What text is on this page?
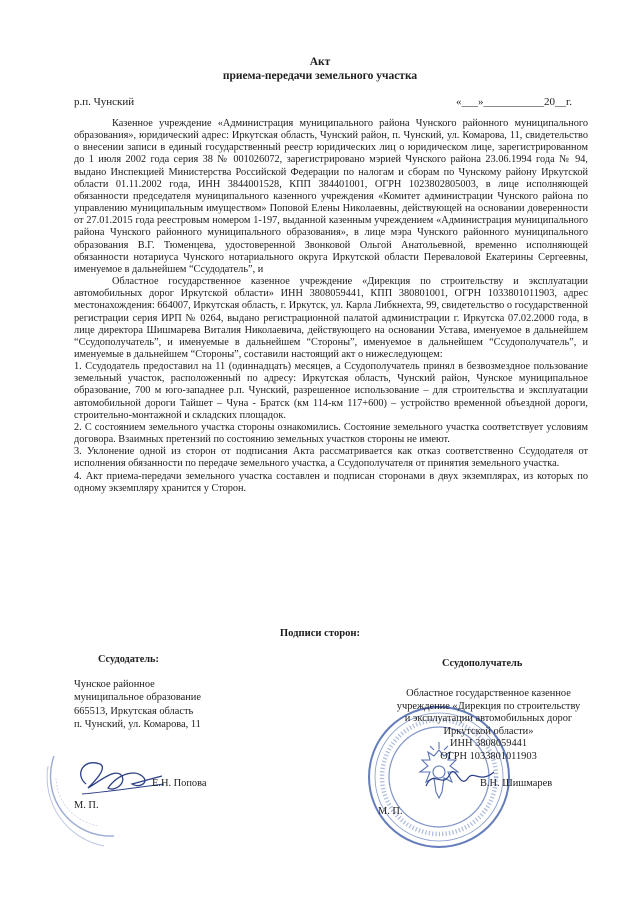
Акт
приема-передачи земельного участка
р.п. Чунский	«___»___________20__г.

Казенное учреждение «Администрация муниципального района Чунского районного муниципального образования», юридический адрес: Иркутская область, Чунский район, п. Чунский, ул. Комарова, 11, свидетельство о внесении записи в единый государственный реестр юридических лиц о юридическом лице, зарегистрированном до 1 июля 2002 года серия 38 № 001026072, зарегистрировано мэрией Чунского района 23.06.1994 года № 94, выдано Инспекцией Министерства Российской Федерации по налогам и сборам по Чунскому району Иркутской области 01.11.2002 года, ИНН 3844001528, КПП 384401001, ОГРН 1023802805003, в лице исполняющей обязанности председателя муниципального казенного учреждения «Комитет администрации Чунского района по управлению муниципальным имуществом» Поповой Елены Николаевны, действующей на основании доверенности от 27.01.2015 года реестровым номером 1-197, выданной казенным учреждением «Администрация муниципального района Чунского районного муниципального образования», в лице мэра Чунского районного муниципального образования В.Г. Тюменцева, удостоверенной Звонковой Ольгой Анатольевной, временно исполняющей обязанности нотариуса Чунского нотариального округа Иркутской области Переваловой Екатерины Сергеевны, именуемое в дальнейшем “Ссудодатель”, и

Областное государственное казенное учреждение «Дирекция по строительству и эксплуатации автомобильных дорог Иркутской области» ИНН 3808059441, КПП 380801001, ОГРН 1033801011903, адрес местонахождения: 664007, Иркутская область, г. Иркутск, ул. Карла Либкнехта, 99, свидетельство о государственной регистрации серия ИРП № 0264, выдано регистрационной палатой администрации г. Иркутска 07.02.2000 года, в лице директора Шишмарева Виталия Николаевича, действующего на основании Устава, именуемое в дальнейшем “Ссудополучатель”, и именуемые в дальнейшем “Стороны”, именуемое в дальнейшем “Ссудополучатель”, и именуемые в дальнейшем “Стороны”, составили настоящий акт о нижеследующем:

1. Ссудодатель предоставил на 11 (одиннадцать) месяцев, а Ссудополучатель принял в безвозмездное пользование земельный участок, расположенный по адресу: Иркутская область, Чунский район, Чунское муниципальное образование, 700 м юго-западнее р.п. Чунский, разрешенное использование – для строительства и эксплуатации автомобильной дороги Тайшет – Чуна - Братск (км 114-км 117+600) – устройство временной объездной дороги, строительно-монтажной и складских площадок.

2. С состоянием земельного участка стороны ознакомились. Состояние земельного участка соответствует условиям договора. Взаимных претензий по состоянию земельных участков стороны не имеют.

3. Уклонение одной из сторон от подписания Акта рассматривается как отказ соответственно Ссудодателя от исполнения обязанности по передаче земельного участка, а Ссудополучателя от принятия земельного участка.

4. Акт приема-передачи земельного участка составлен и подписан сторонами в двух экземплярах, из которых по одному экземпляру хранится у Сторон.

Подписи сторон:
Ссудодатель:	Ссудополучатель
Чунское районное
муниципальное образование
665513, Иркутская область
п. Чунский, ул. Комарова, 11
Е.Н. Попова
М. П.
Областное государственное казенное
учреждение «Дирекция по строительству
и эксплуатации автомобильных дорог
Иркутской области»
ИНН 3808059441
ОГРН 1033801011903
В.Н. Шишмарев
М. П.
